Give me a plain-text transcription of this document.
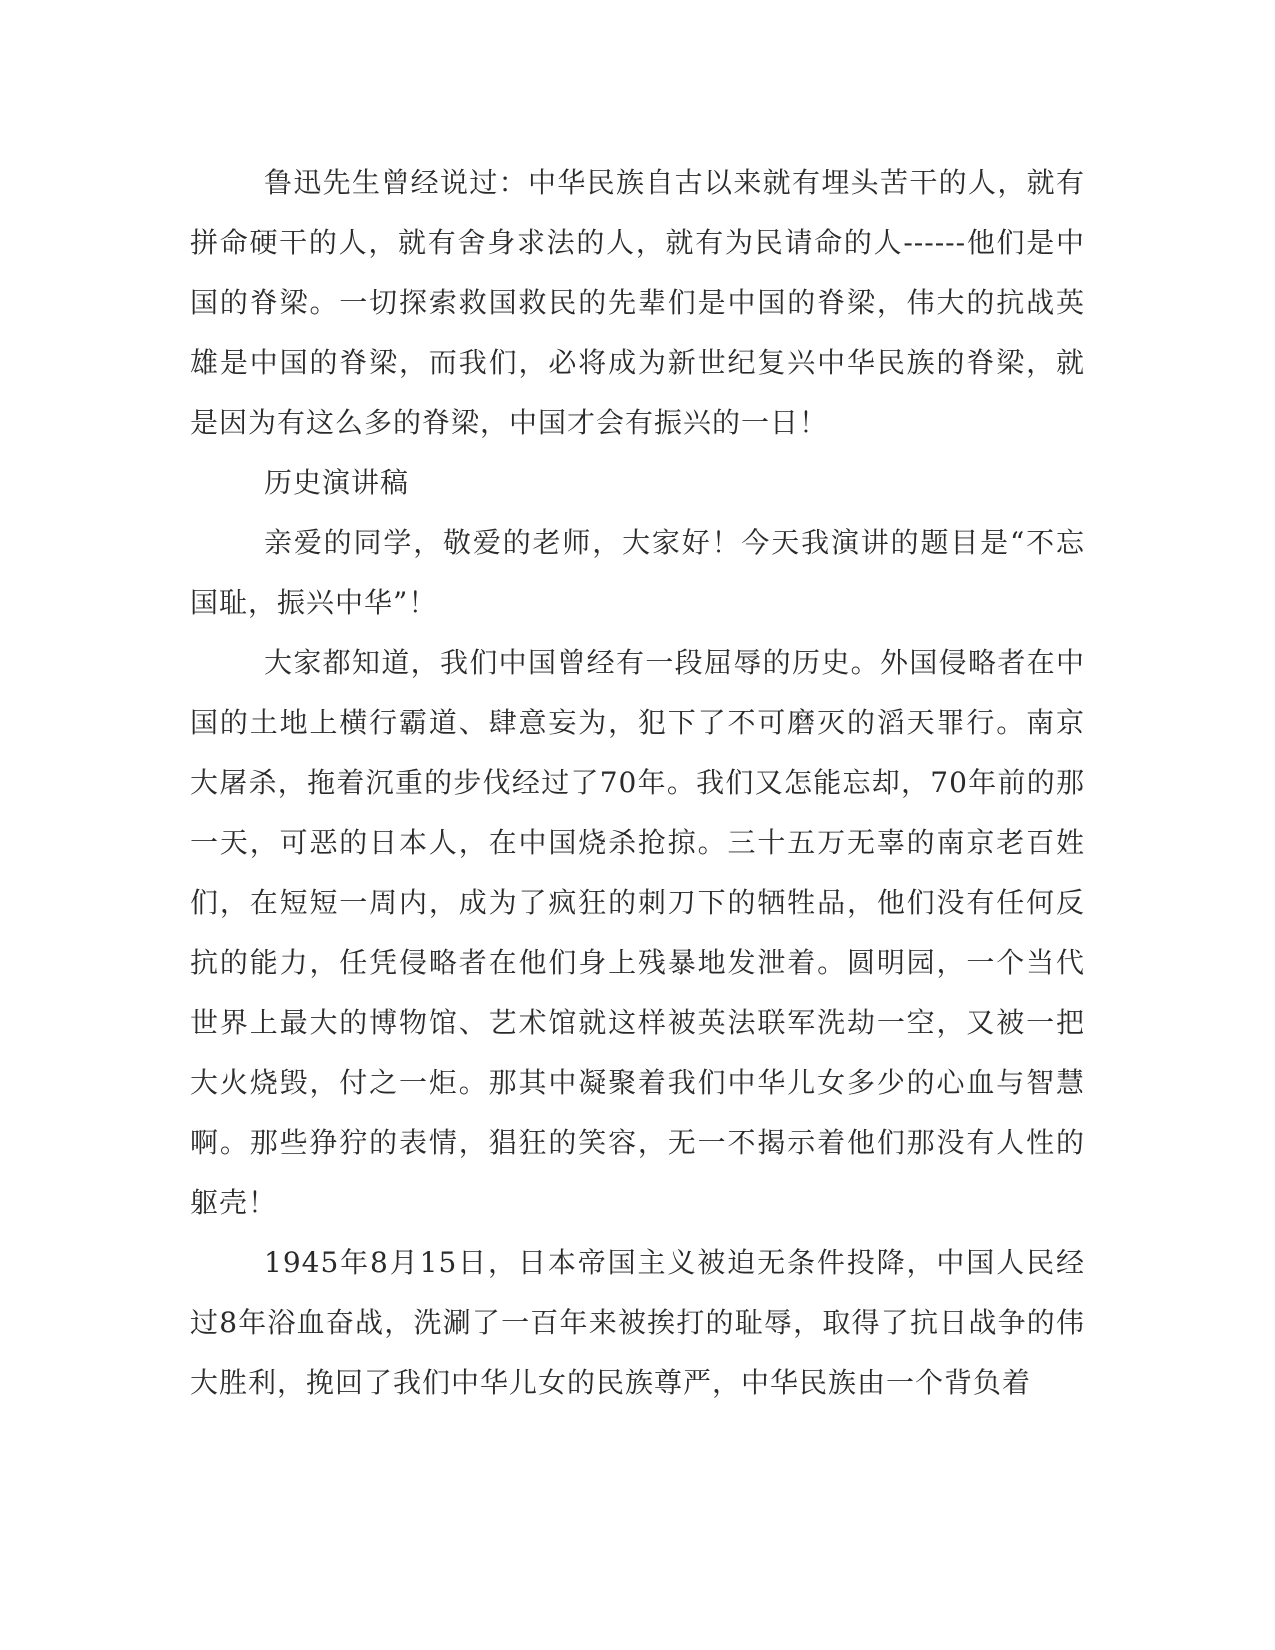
鲁迅先生曾经说过：中华民族自古以来就有埋头苦干的人，就有拼命硬干的人，就有舍身求法的人，就有为民请命的人------他们是中国的脊梁。一切探索救国救民的先辈们是中国的脊梁，伟大的抗战英雄是中国的脊梁，而我们，必将成为新世纪复兴中华民族的脊梁，就是因为有这么多的脊梁，中国才会有振兴的一日！

历史演讲稿

亲爱的同学，敬爱的老师，大家好！今天我演讲的题目是“不忘国耻，振兴中华”！

大家都知道，我们中国曾经有一段屈辱的历史。外国侵略者在中国的土地上横行霸道、肆意妄为，犯下了不可磨灭的滔天罪行。南京大屠杀，拖着沉重的步伐经过了70年。我们又怎能忘却，70年前的那一天，可恶的日本人，在中国烧杀抢掠。三十五万无辜的南京老百姓们，在短短一周内，成为了疯狂的刺刀下的牺牲品，他们没有任何反抗的能力，任凭侵略者在他们身上残暴地发泄着。圆明园，一个当代世界上最大的博物馆、艺术馆就这样被英法联军洗劫一空，又被一把大火烧毁，付之一炬。那其中凝聚着我们中华儿女多少的心血与智慧啊。那些狰狞的表情，猖狂的笑容，无一不揭示着他们那没有人性的躯壳！

1945年8月15日，日本帝国主义被迫无条件投降，中国人民经过8年浴血奋战，洗涮了一百年来被挨打的耻辱，取得了抗日战争的伟大胜利，挽回了我们中华儿女的民族尊严，中华民族由一个背负着
